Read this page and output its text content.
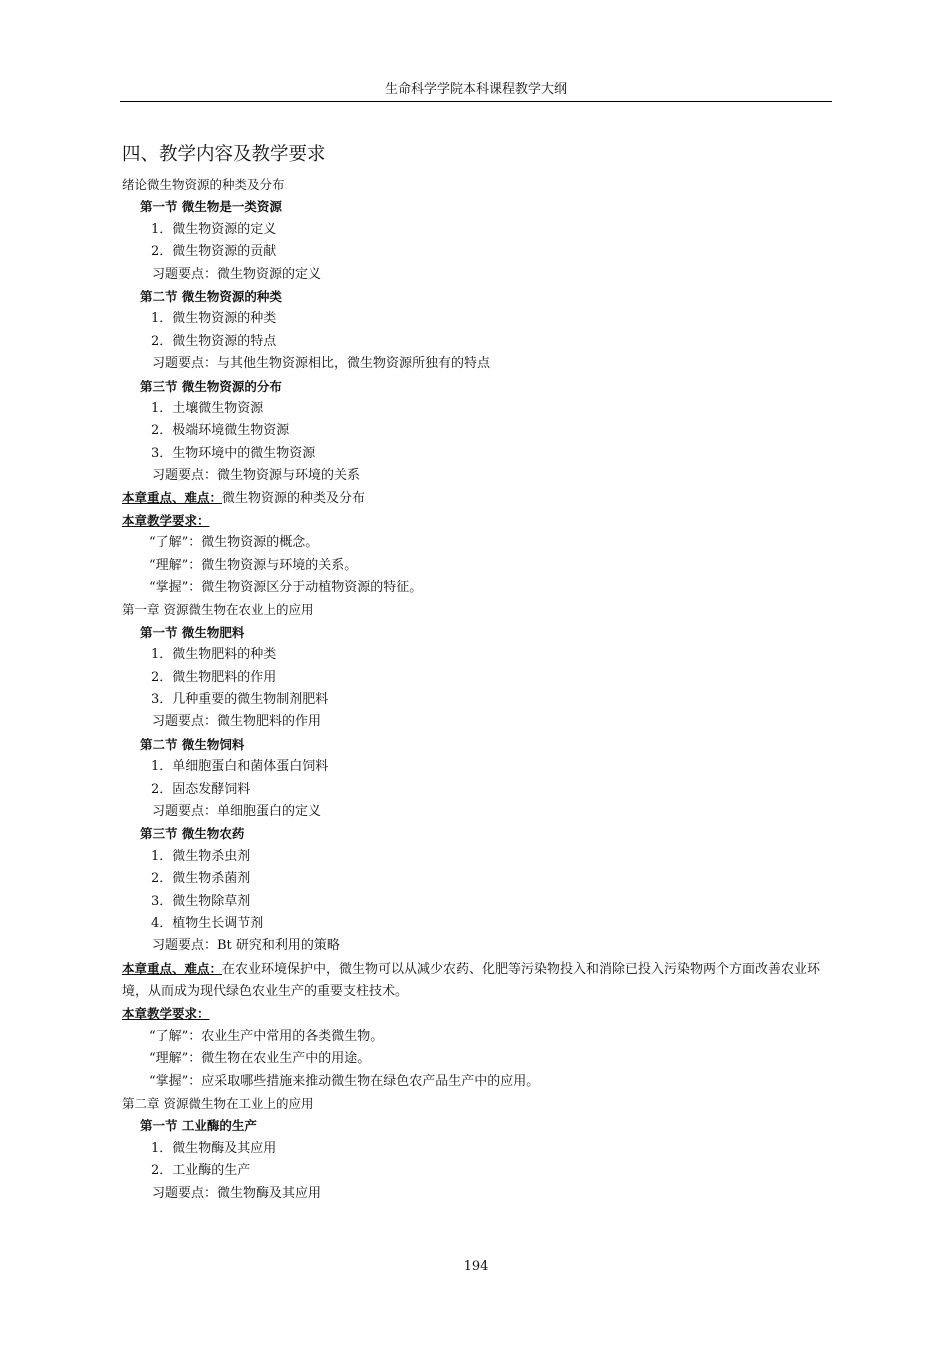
生命科学学院本科课程教学大纲
四、教学内容及教学要求
绪论微生物资源的种类及分布
第一节 微生物是一类资源
1．微生物资源的定义
2．微生物资源的贡献
习题要点：微生物资源的定义
第二节 微生物资源的种类
1．微生物资源的种类
2．微生物资源的特点
习题要点：与其他生物资源相比，微生物资源所独有的特点
第三节 微生物资源的分布
1．土壤微生物资源
2．极端环境微生物资源
3．生物环境中的微生物资源
习题要点：微生物资源与环境的关系
本章重点、难点：微生物资源的种类及分布
本章教学要求：
“了解”：微生物资源的概念。
“理解”：微生物资源与环境的关系。
“掌握”：微生物资源区分于动植物资源的特征。
第一章 资源微生物在农业上的应用
第一节 微生物肥料
1．微生物肥料的种类
2．微生物肥料的作用
3．几种重要的微生物制剂肥料
习题要点：微生物肥料的作用
第二节 微生物饲料
1．单细胞蛋白和菌体蛋白饲料
2．固态发酵饲料
习题要点：单细胞蛋白的定义
第三节 微生物农药
1．微生物杀虫剂
2．微生物杀菌剂
3．微生物除草剂
4．植物生长调节剂
习题要点：Bt 研究和利用的策略
本章重点、难点：在农业环境保护中，微生物可以从减少农药、化肥等污染物投入和消除已投入污染物两个方面改善农业环境，从而成为现代绿色农业生产的重要支柱技术。
本章教学要求：
“了解”：农业生产中常用的各类微生物。
“理解”：微生物在农业生产中的用途。
“掌握”：应采取哪些措施来推动微生物在绿色农产品生产中的应用。
第二章 资源微生物在工业上的应用
第一节 工业酶的生产
1．微生物酶及其应用
2．工业酶的生产
习题要点：微生物酶及其应用
194
